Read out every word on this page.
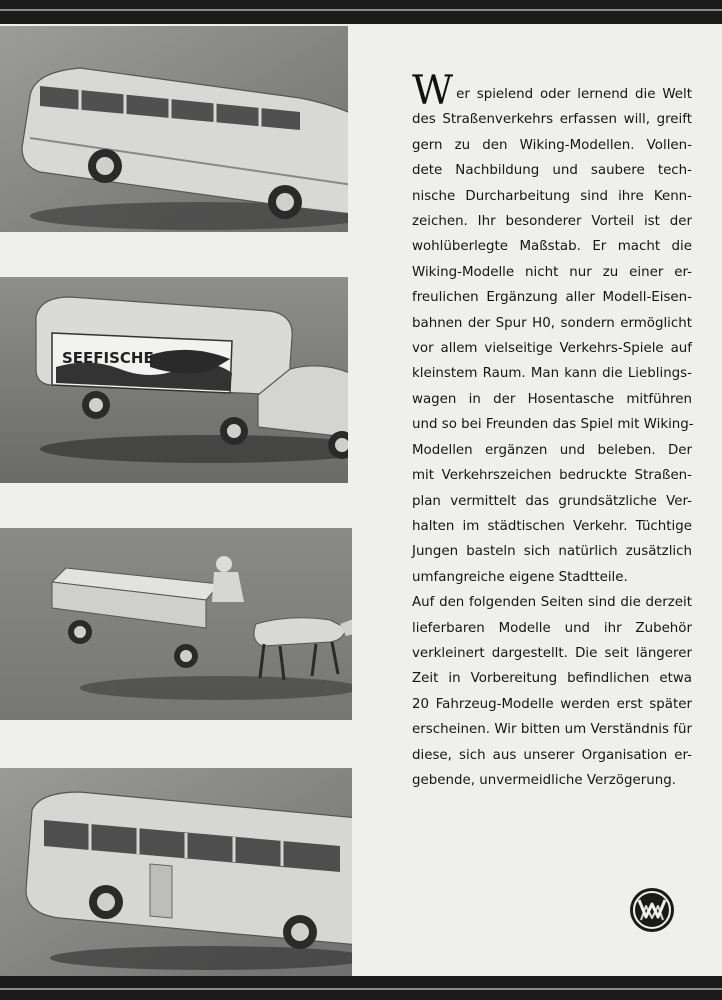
SEEFISCHE

Wer spielend oder lernend die Welt
des Straßenverkehrs erfassen will, greift
gern zu den Wiking-Modellen. Vollen-
dete Nachbildung und saubere tech-
nische Durcharbeitung sind ihre Kenn-
zeichen. Ihr besonderer Vorteil ist der
wohlüberlegte Maßstab. Er macht die
Wiking-Modelle nicht nur zu einer er-
freulichen Ergänzung aller Modell-Eisen-
bahnen der Spur H0, sondern ermöglicht
vor allem vielseitige Verkehrs-Spiele auf
kleinstem Raum. Man kann die Lieblings-
wagen in der Hosentasche mitführen
und so bei Freunden das Spiel mit Wiking-
Modellen ergänzen und beleben. Der
mit Verkehrszeichen bedruckte Straßen-
plan vermittelt das grundsätzliche Ver-
halten im städtischen Verkehr. Tüchtige
Jungen basteln sich natürlich zusätzlich
umfangreiche eigene Stadtteile.

Auf den folgenden Seiten sind die derzeit
lieferbaren Modelle und ihr Zubehör
verkleinert dargestellt. Die seit längerer
Zeit in Vorbereitung befindlichen etwa
20 Fahrzeug-Modelle werden erst später
erscheinen. Wir bitten um Verständnis für
diese, sich aus unserer Organisation er-
gebende, unvermeidliche Verzögerung.
